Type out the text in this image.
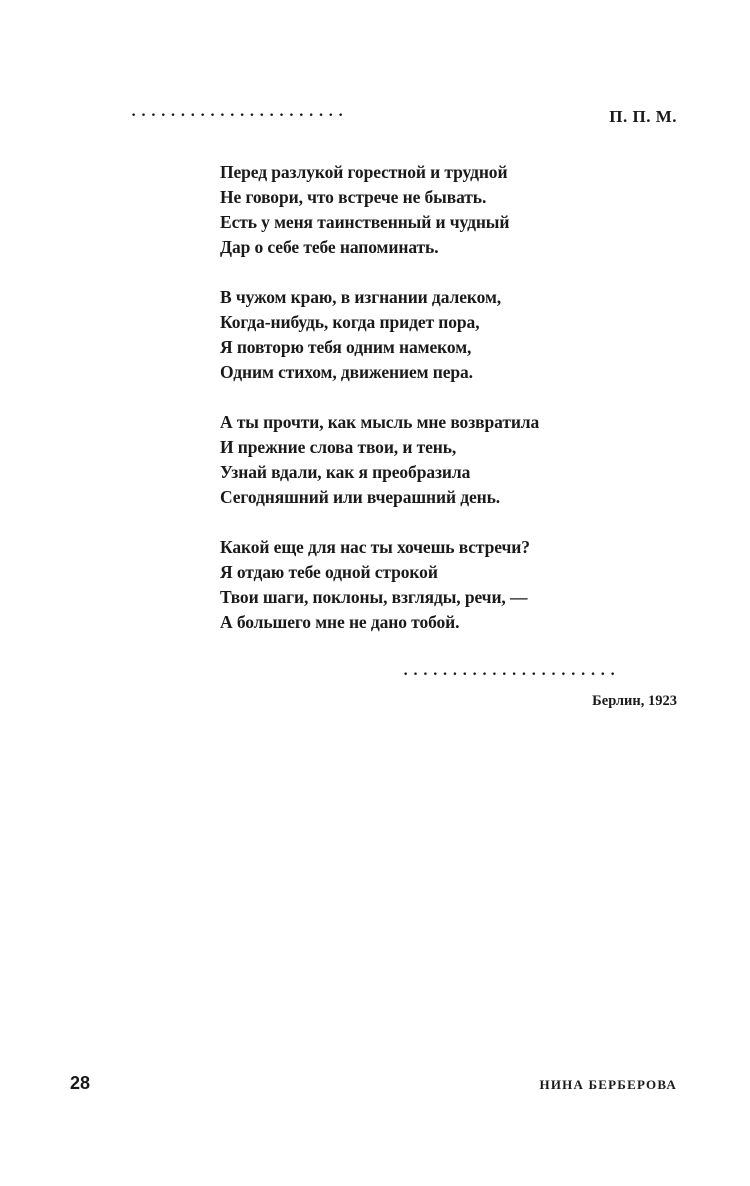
••••••••••••••••••••••	П. П. М.
Перед разлукой горестной и трудной
Не говори, что встрече не бывать.
Есть у меня таинственный и чудный
Дар о себе тебе напоминать.
В чужом краю, в изгнании далеком,
Когда-нибудь, когда придет пора,
Я повторю тебя одним намеком,
Одним стихом, движением пера.
А ты прочти, как мысль мне возвратила
И прежние слова твои, и тень,
Узнай вдали, как я преобразила
Сегодняшний или вчерашний день.
Какой еще для нас ты хочешь встречи?
Я отдаю тебе одной строкой
Твои шаги, поклоны, взгляды, речи, —
А большего мне не дано тобой.
••••••••••••••••••••••
Берлин, 1923
28	НИНА БЕРБЕРОВА
